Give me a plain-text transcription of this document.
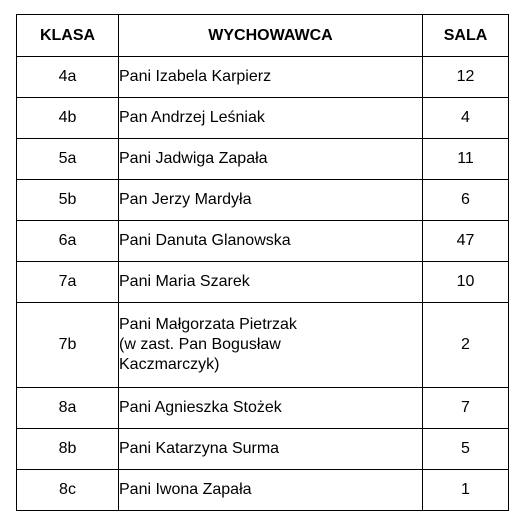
KLASA	WYCHOWAWCA	SALA
4a	Pani Izabela Karpierz	12
4b	Pan Andrzej Leśniak	4
5a	Pani Jadwiga Zapała	11
5b	Pan Jerzy Mardyła	6
6a	Pani Danuta Glanowska	47
7a	Pani Maria Szarek	10
7b	Pani Małgorzata Pietrzak
(w zast. Pan Bogusław
Kaczmarczyk)	2
8a	Pani Agnieszka Stożek	7
8b	Pani Katarzyna Surma	5
8c	Pani Iwona Zapała	1
